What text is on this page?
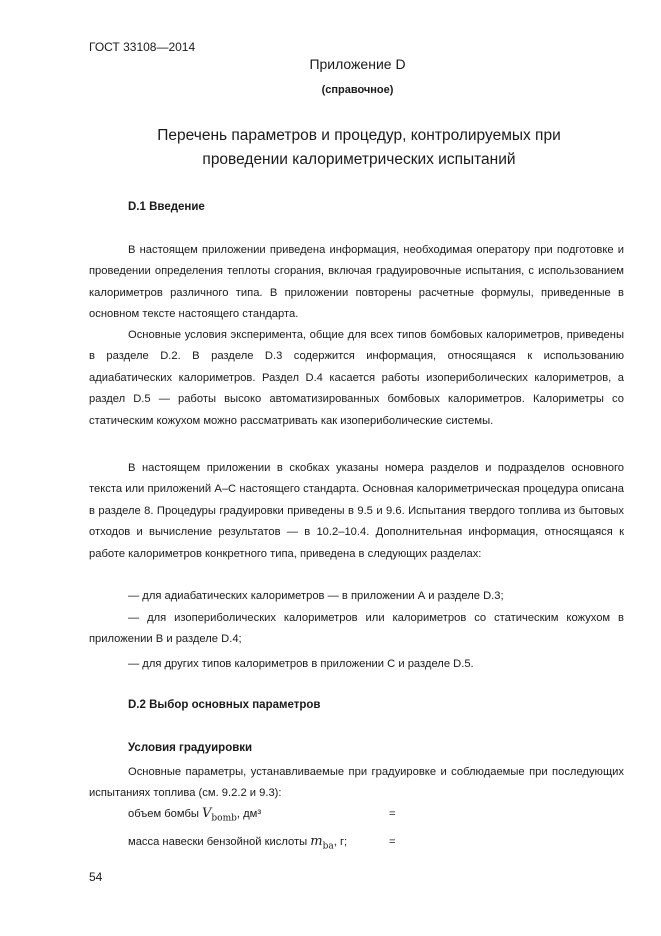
ГОСТ 33108—2014
Приложение D
(справочное)
Перечень параметров и процедур, контролируемых при
проведении калориметрических испытаний
D.1 Введение
В настоящем приложении приведена информация, необходимая оператору при подготовке и проведении определения теплоты сгорания, включая градуировочные испытания, с использованием калориметров различного типа. В приложении повторены расчетные формулы, приведенные в основном тексте настоящего стандарта.
Основные условия эксперимента, общие для всех типов бомбовых калориметров, приведены в разделе D.2. В разделе D.3 содержится информация, относящаяся к использованию адиабатических калориметров. Раздел D.4 касается работы изопериболических калориметров, а раздел D.5 — работы высоко автоматизированных бомбовых калориметров. Калориметры со статическим кожухом можно рассматривать как изопериболические системы.
В настоящем приложении в скобках указаны номера разделов и подразделов основного текста или приложений А–С настоящего стандарта. Основная калориметрическая процедура описана в разделе 8. Процедуры градуировки приведены в 9.5 и 9.6. Испытания твердого топлива из бытовых отходов и вычисление результатов — в 10.2–10.4. Дополнительная информация, относящаяся к работе калориметров конкретного типа, приведена в следующих разделах:
— для адиабатических калориметров — в приложении А и разделе D.3;
— для изопериболических калориметров или калориметров со статическим кожухом в приложении В и разделе D.4;
— для других типов калориметров в приложении С и разделе D.5.
D.2 Выбор основных параметров
Условия градуировки
Основные параметры, устанавливаемые при градуировке и соблюдаемые при последующих испытаниях топлива (см. 9.2.2 и 9.3):
объем бомбы $V_{bomb}$, дм³	=
масса навески бензойной кислоты $m_{ba}$, г;	=
54
